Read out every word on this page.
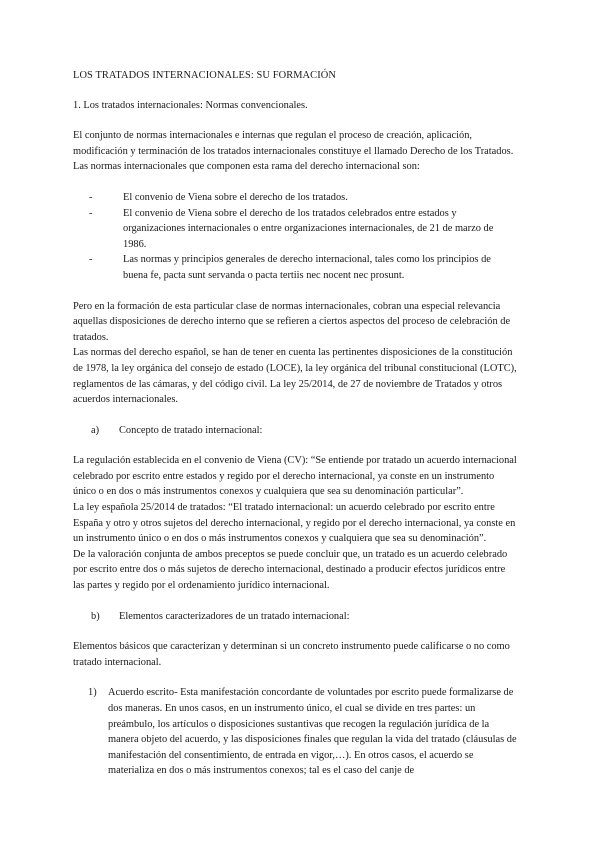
LOS TRATADOS INTERNACIONALES: SU FORMACIÓN

1. Los tratados internacionales: Normas convencionales.

El conjunto de normas internacionales e internas que regulan el proceso de creación, aplicación, modificación y terminación de los tratados internacionales constituye el llamado Derecho de los Tratados. Las normas internacionales que componen esta rama del derecho internacional son:

- El convenio de Viena sobre el derecho de los tratados.
- El convenio de Viena sobre el derecho de los tratados celebrados entre estados y organizaciones internacionales o entre organizaciones internacionales, de 21 de marzo de 1986.
- Las normas y principios generales de derecho internacional, tales como los principios de buena fe, pacta sunt servanda o pacta tertiis nec nocent nec prosunt.

Pero en la formación de esta particular clase de normas internacionales, cobran una especial relevancia aquellas disposiciones de derecho interno que se refieren a ciertos aspectos del proceso de celebración de tratados.

Las normas del derecho español, se han de tener en cuenta las pertinentes disposiciones de la constitución de 1978, la ley orgánica del consejo de estado (LOCE), la ley orgánica del tribunal constitucional (LOTC), reglamentos de las cámaras, y del código civil. La ley 25/2014, de 27 de noviembre de Tratados y otros acuerdos internacionales.

a) Concepto de tratado internacional:

La regulación establecida en el convenio de Viena (CV): “Se entiende por tratado un acuerdo internacional celebrado por escrito entre estados y regido por el derecho internacional, ya conste en un instrumento único o en dos o más instrumentos conexos y cualquiera que sea su denominación particular”.

La ley española 25/2014 de tratados: “El tratado internacional: un acuerdo celebrado por escrito entre España y otro y otros sujetos del derecho internacional, y regido por el derecho internacional, ya conste en un instrumento único o en dos o más instrumentos conexos y cualquiera que sea su denominación”.

De la valoración conjunta de ambos preceptos se puede concluir que, un tratado es un acuerdo celebrado por escrito entre dos o más sujetos de derecho internacional, destinado a producir efectos jurídicos entre las partes y regido por el ordenamiento jurídico internacional.

b) Elementos caracterizadores de un tratado internacional:

Elementos básicos que caracterizan y determinan si un concreto instrumento puede calificarse o no como tratado internacional.

1) Acuerdo escrito- Esta manifestación concordante de voluntades por escrito puede formalizarse de dos maneras. En unos casos, en un instrumento único, el cual se divide en tres partes: un preámbulo, los artículos o disposiciones sustantivas que recogen la regulación jurídica de la manera objeto del acuerdo, y las disposiciones finales que regulan la vida del tratado (cláusulas de manifestación del consentimiento, de entrada en vigor,…). En otros casos, el acuerdo se materializa en dos o más instrumentos conexos; tal es el caso del canje de
